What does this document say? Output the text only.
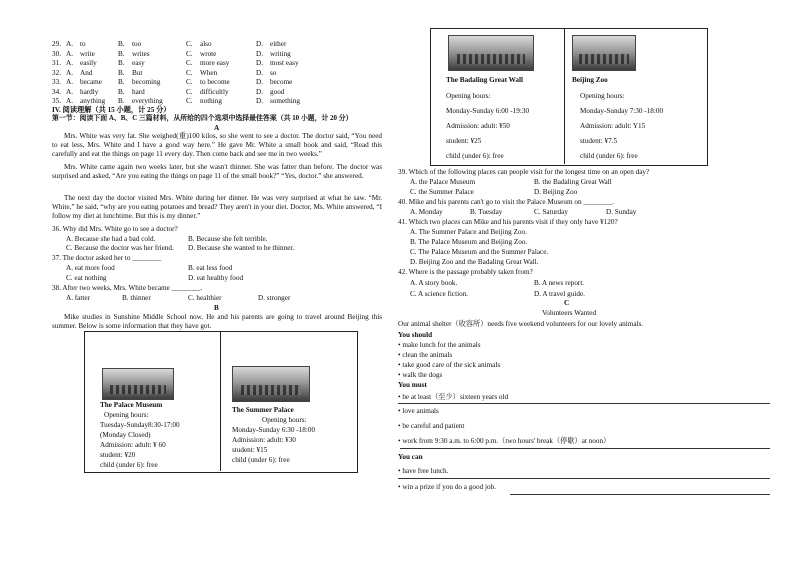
29. A. to	B. too	C. also	D. either
30. A. write	B. writes	C. wrote	D. writing
31. A. easily	B. easy	C. more easy	D. most easy
32. A. And	B. But	C. When	D. so
33. A. became B. becoming	C. to become	D. become
34. A. hardly	B. hard	C. difficultly	D. good
35. A. anything B. everything	C. nothing	D. something
IV. 阅读理解（共 15 小题，计 25 分）
第一节：阅读下面 A、B、C 三篇材料，从所给的四个选项中选择最佳答案（共 10 小题，计 20 分）
A
Mrs. White was very fat. She weighed(重)100 kilos, so she went to see a doctor. The doctor said, “You need to eat less, Mrs. White and I have a good way here.” He gave Mr. White a small book and said, “Read this carefully and eat the things on page 11 every day. Then come back and see me in two weeks.”
Mrs. White came again two weeks later, but she wasn't thinner. She was fatter than before. The doctor was surprised and asked, “Are you eating the things on page 11 of the small book?” “Yes, doctor.” she answered.
The next day the doctor visited Mrs. White during her dinner. He was very surprised at what he saw. “Mr. White,” he said, “why are you eating potatoes and bread? They aren't in your diet. Doctor, Ms. White answered, “I follow my diet at lunchtime. But this is my dinner.”
36. Why did Mrs. White go to see a doctor?
A. Because she had a bad cold.	B. Because she felt terrible.
C. Because the doctor was her friend. D. Because she wanted to be thinner.
37. The doctor asked her to ________
A. eat more food	B. eat less food
C. eat nothing	D. eat healthy food
38. After two weeks, Mrs. White became ________.
A. fatter	B. thinner	C. healthier	D. stronger
B
Mike studies in Sunshine Middle School now. He and his parents are going to travel around Beijing this summer. Below is some information that they have got.
The Palace Museum
Opening hours:
Tuesday-Sunday8:30-17:00
(Monday Closed)
Admission: adult: ¥ 60
student: ¥20
child (under 6): free
The Summer Palace
Opening hours:
Monday-Sunday 6:30 -18:00
Admission: adult: ¥30
student: ¥15
child (under 6): free
The Badaling Great Wall
Opening hours:
Monday-Sunday 6:00 -19:30
Admission: adult: ¥50
student: ¥25
child (under 6): free
Beijing Zoo
Opening hours:
Monday-Sunday 7:30 -18:00
Admission: adult: Y15
student: ¥7.5
child (under 6): free
39. Which of the following places can people visit for the longest time on an open day?
A. the Palace Museum	B. the Badaling Great Wall
C. the Summer Palace	D. Beijing Zoo
40. Mike and his parents can't go to visit the Palace Museum on ________.
A. Monday	B. Tuesday	C. Saturday	D. Sunday
41. Which two places can Mike and his parents visit if they only have ¥120?
A. The Summer Palace and Beijing Zoo.
B. The Palace Museum and Beijing Zoo.
C. The Palace Museum and the Summer Palace.
D. Beijing Zoo and the Badaling Great Wall.
42. Where is the passage probably taken from?
A. A story book.	B. A news report.
C. A science fiction.	D. A travel guide.
C
Volunteers Wanted
Our animal shelter（收容所）needs five weekend volunteers for our lovely animals.
You should
• make lunch for the animals
• clean the animals
• take good care of the sick animals
• walk the dogs
You must
• be at least（至少）sixteen years old
• love animals
• be careful and patient
• work from 9:30 a.m. to 6:00 p.m.（two hours' break（停歇）at noon）
You can
• have free lunch.
• win a prize if you do a good job.
